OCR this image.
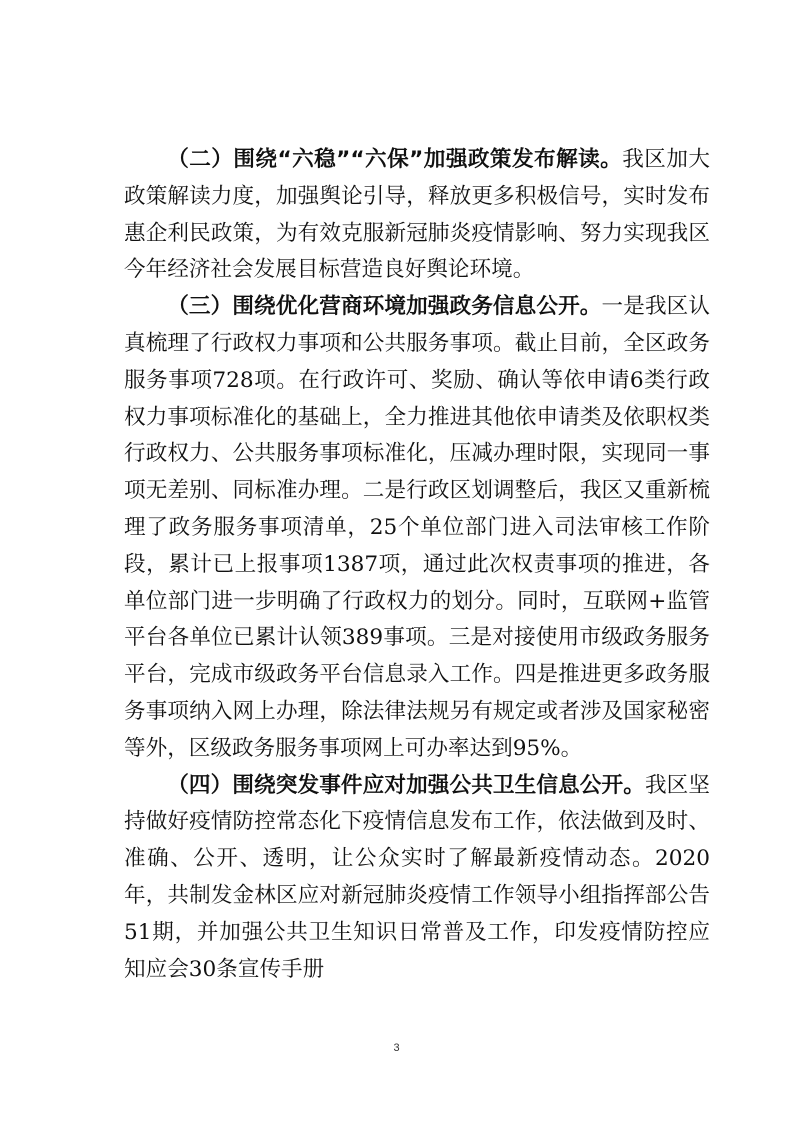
（二）围绕“六稳”“六保”加强政策发布解读。我区加大政策解读力度，加强舆论引导，释放更多积极信号，实时发布惠企利民政策，为有效克服新冠肺炎疫情影响、努力实现我区今年经济社会发展目标营造良好舆论环境。

（三）围绕优化营商环境加强政务信息公开。一是我区认真梳理了行政权力事项和公共服务事项。截止目前，全区政务服务事项728项。在行政许可、奖励、确认等依申请6类行政权力事项标准化的基础上，全力推进其他依申请类及依职权类行政权力、公共服务事项标准化，压减办理时限，实现同一事项无差别、同标准办理。二是行政区划调整后，我区又重新梳理了政务服务事项清单，25个单位部门进入司法审核工作阶段，累计已上报事项1387项，通过此次权责事项的推进，各单位部门进一步明确了行政权力的划分。同时，互联网+监管平台各单位已累计认领389事项。三是对接使用市级政务服务平台，完成市级政务平台信息录入工作。四是推进更多政务服务事项纳入网上办理，除法律法规另有规定或者涉及国家秘密等外，区级政务服务事项网上可办率达到95%。

（四）围绕突发事件应对加强公共卫生信息公开。我区坚持做好疫情防控常态化下疫情信息发布工作，依法做到及时、准确、公开、透明，让公众实时了解最新疫情动态。2020年，共制发金林区应对新冠肺炎疫情工作领导小组指挥部公告51期，并加强公共卫生知识日常普及工作，印发疫情防控应知应会30条宣传手册

3
